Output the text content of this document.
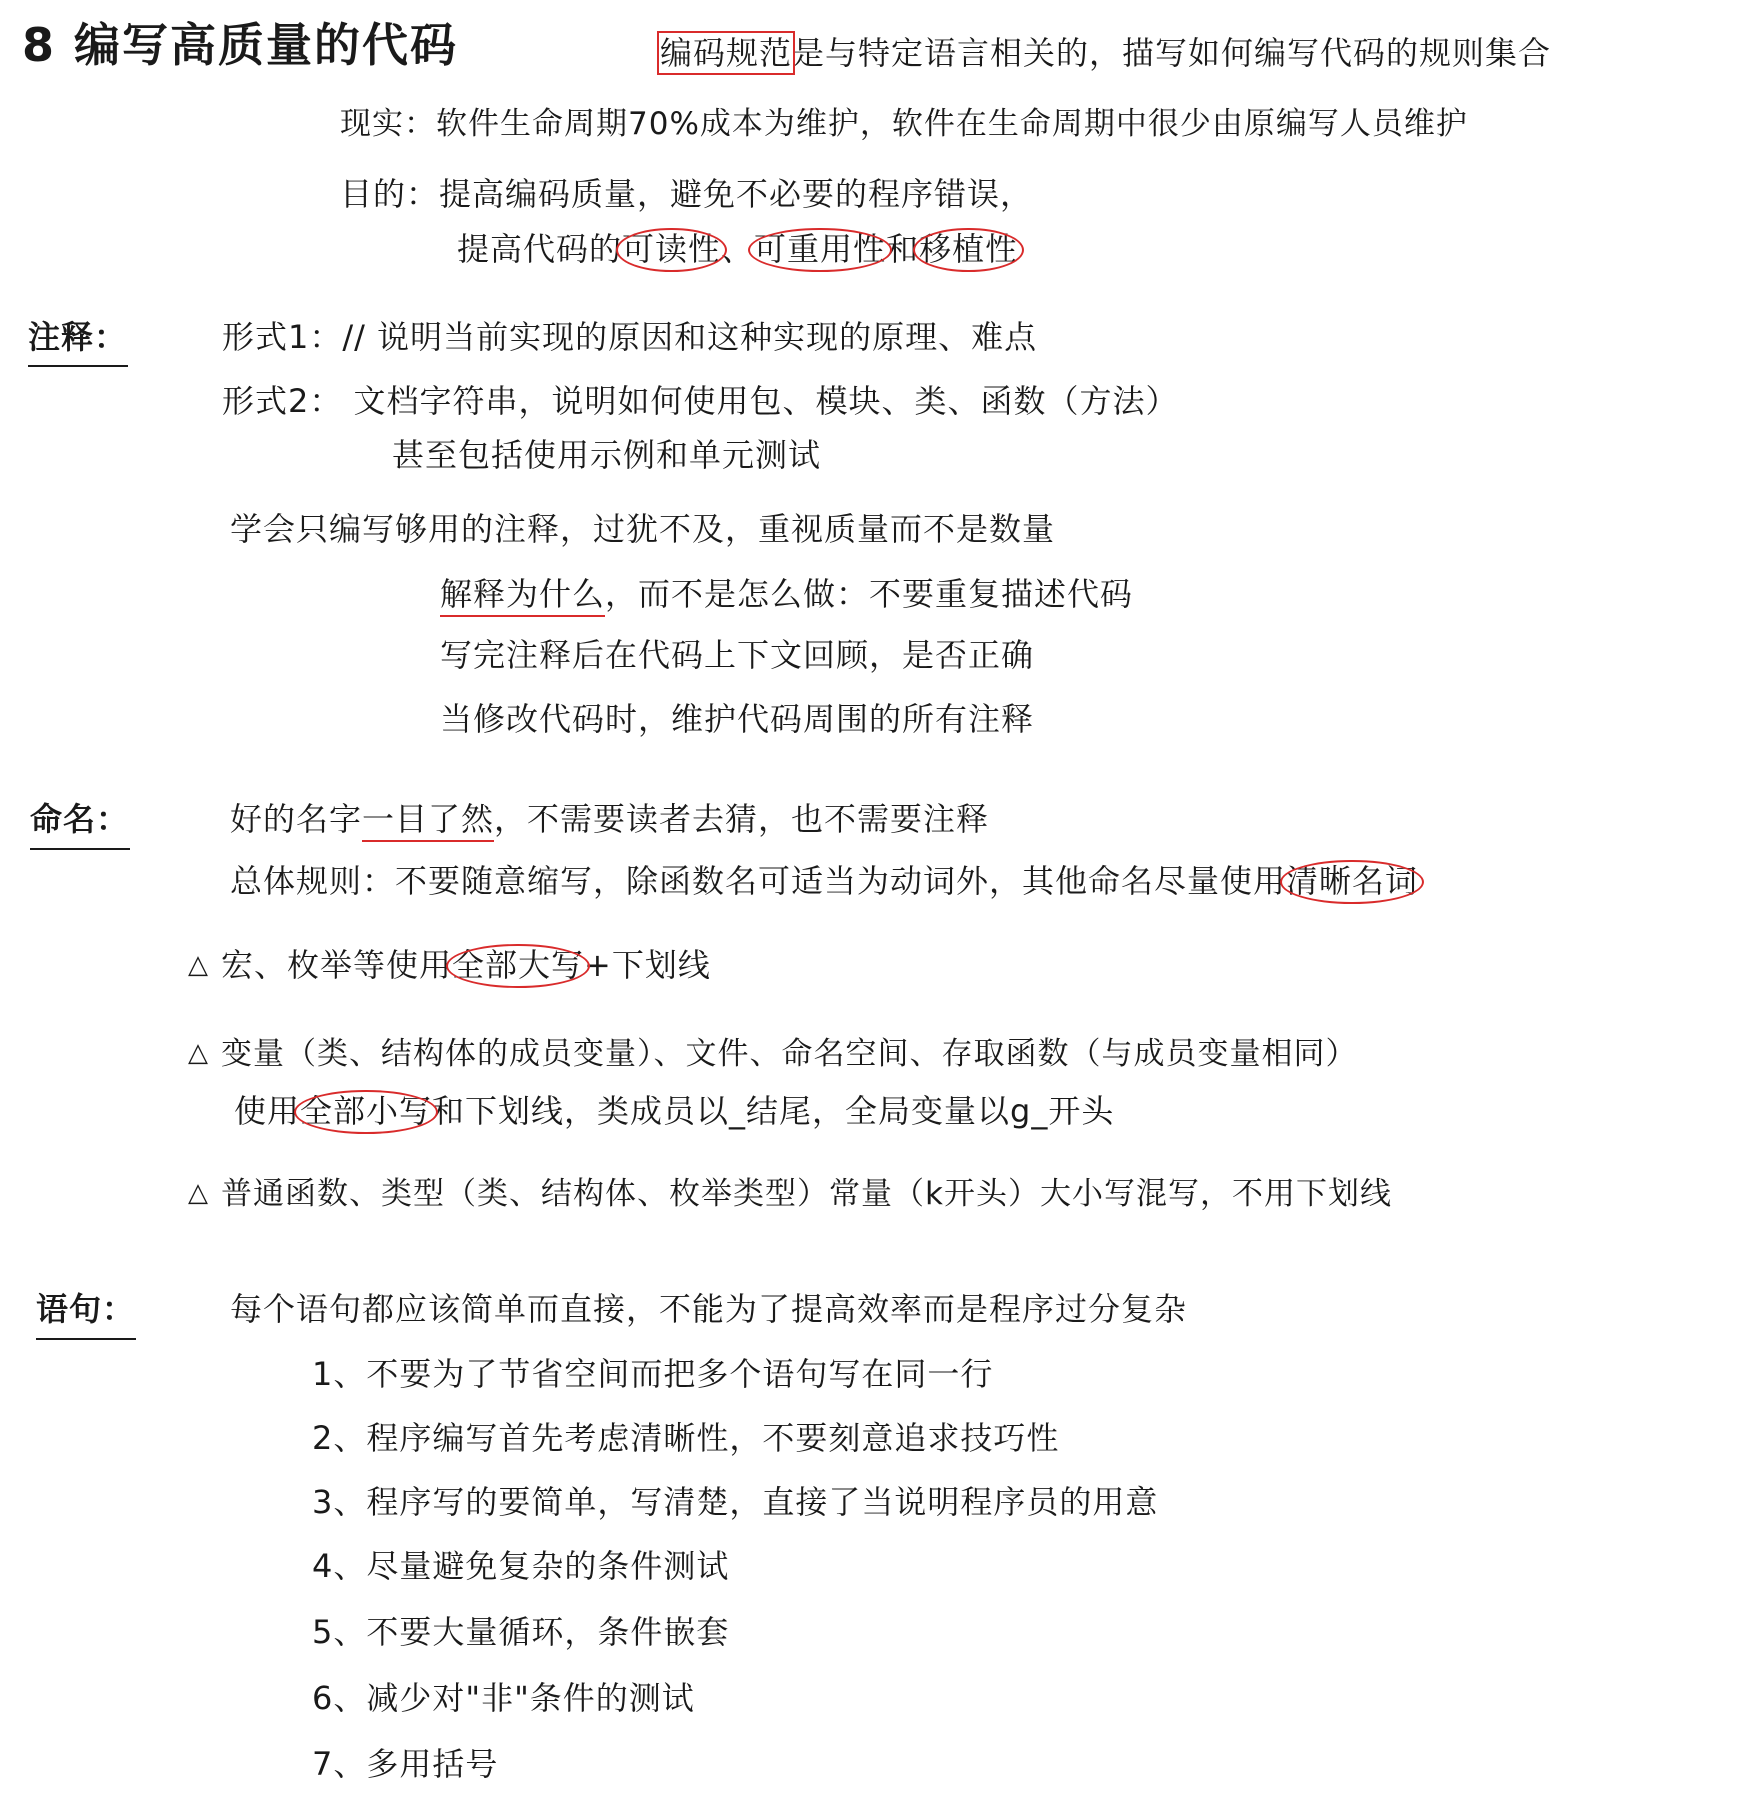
8 编写高质量的代码	编码规范是与特定语言相关的，描写如何编写代码的规则集合
现实：软件生命周期70%成本为维护，软件在生命周期中很少由原编写人员维护
目的：提高编码质量，避免不必要的程序错误，
提高代码的可读性、可重用性和移植性
注释：	形式1：// 说明当前实现的原因和这种实现的原理、难点
形式2： 文档字符串，说明如何使用包、模块、类、函数（方法）
甚至包括使用示例和单元测试
学会只编写够用的注释，过犹不及，重视质量而不是数量
解释为什么，而不是怎么做：不要重复描述代码
写完注释后在代码上下文回顾，是否正确
当修改代码时，维护代码周围的所有注释
命名：	好的名字一目了然，不需要读者去猜，也不需要注释
总体规则：不要随意缩写，除函数名可适当为动词外，其他命名尽量使用清晰名词
△ 宏、枚举等使用全部大写+下划线
△ 变量（类、结构体的成员变量）、文件、命名空间、存取函数（与成员变量相同）
使用全部小写和下划线，类成员以_结尾，全局变量以g_开头
△ 普通函数、类型（类、结构体、枚举类型）常量（k开头）大小写混写，不用下划线
语句：	每个语句都应该简单而直接，不能为了提高效率而是程序过分复杂
1、不要为了节省空间而把多个语句写在同一行
2、程序编写首先考虑清晰性，不要刻意追求技巧性
3、程序写的要简单，写清楚，直接了当说明程序员的用意
4、尽量避免复杂的条件测试
5、不要大量循环，条件嵌套
6、减少对"非"条件的测试
7、多用括号
